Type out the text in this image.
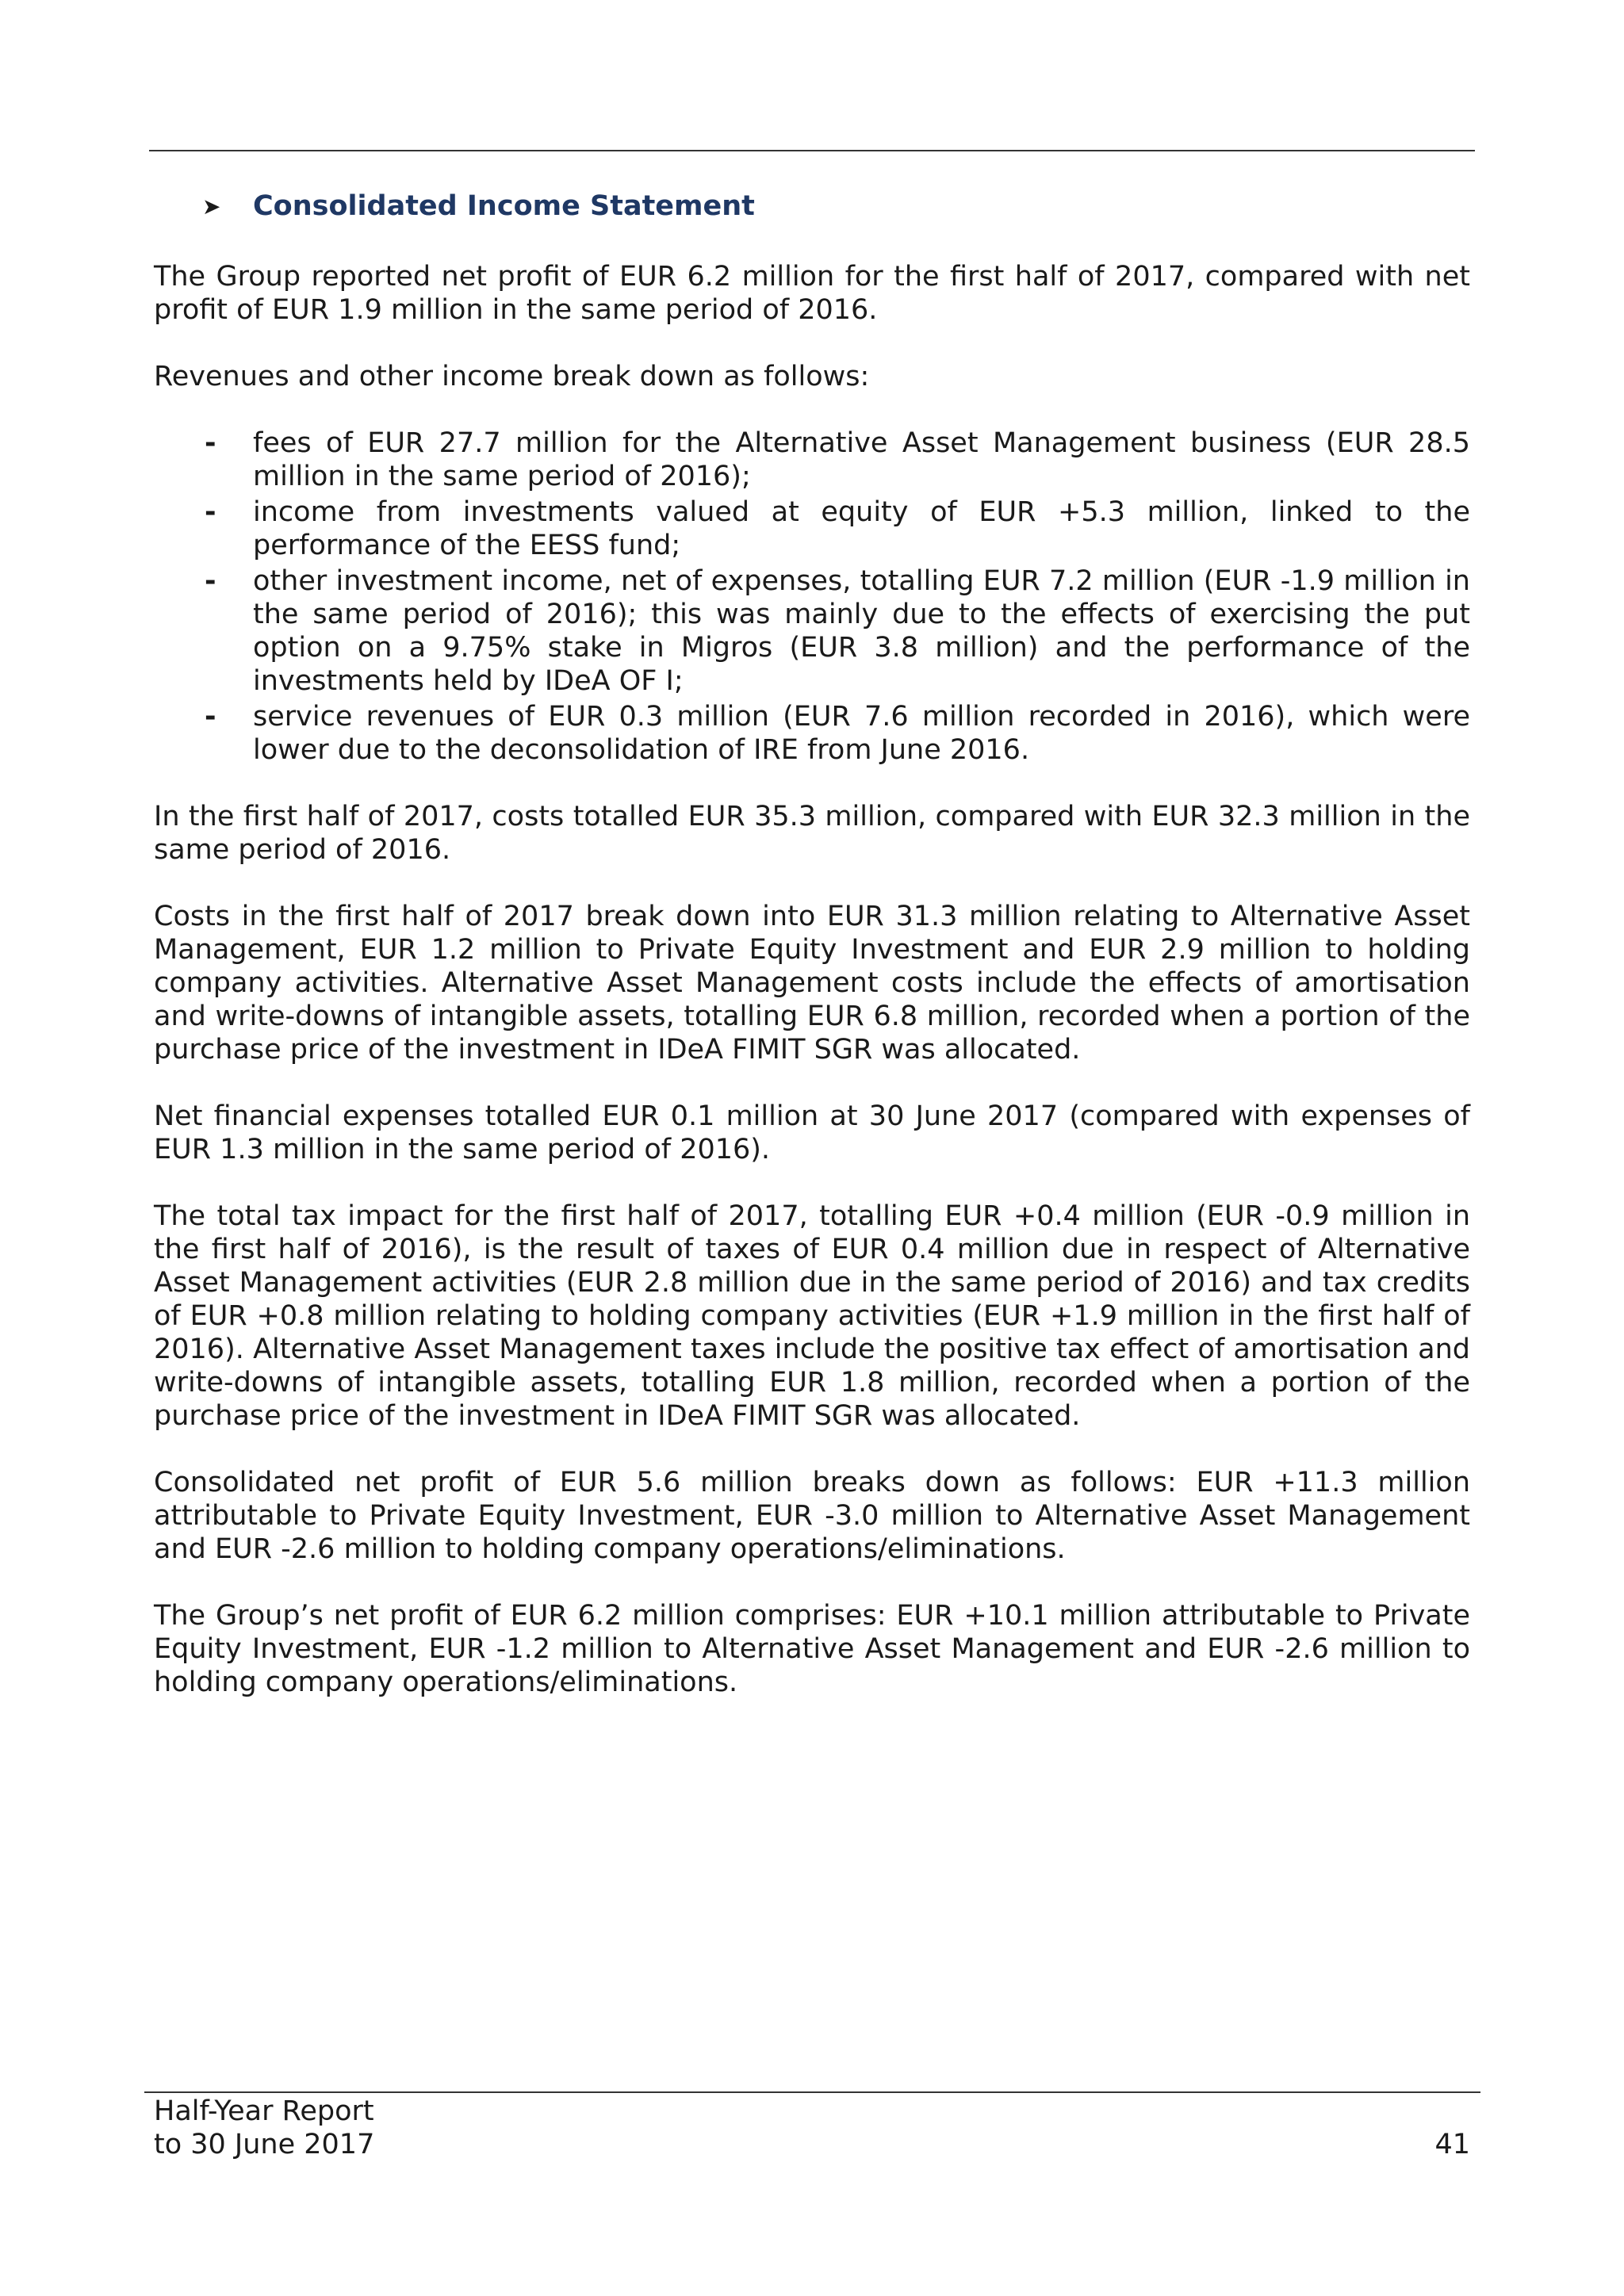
➤	Consolidated Income Statement

The Group reported net profit of EUR 6.2 million for the first half of 2017, compared with net profit of EUR 1.9 million in the same period of 2016.

Revenues and other income break down as follows:

- fees of EUR 27.7 million for the Alternative Asset Management business (EUR 28.5 million in the same period of 2016);
- income from investments valued at equity of EUR +5.3 million, linked to the performance of the EESS fund;
- other investment income, net of expenses, totalling EUR 7.2 million (EUR -1.9 million in the same period of 2016); this was mainly due to the effects of exercising the put option on a 9.75% stake in Migros (EUR 3.8 million) and the performance of the investments held by IDeA OF I;
- service revenues of EUR 0.3 million (EUR 7.6 million recorded in 2016), which were lower due to the deconsolidation of IRE from June 2016.

In the first half of 2017, costs totalled EUR 35.3 million, compared with EUR 32.3 million in the same period of 2016.

Costs in the first half of 2017 break down into EUR 31.3 million relating to Alternative Asset Management, EUR 1.2 million to Private Equity Investment and EUR 2.9 million to holding company activities. Alternative Asset Management costs include the effects of amortisation and write-downs of intangible assets, totalling EUR 6.8 million, recorded when a portion of the purchase price of the investment in IDeA FIMIT SGR was allocated.

Net financial expenses totalled EUR 0.1 million at 30 June 2017 (compared with expenses of EUR 1.3 million in the same period of 2016).

The total tax impact for the first half of 2017, totalling EUR +0.4 million (EUR -0.9 million in the first half of 2016), is the result of taxes of EUR 0.4 million due in respect of Alternative Asset Management activities (EUR 2.8 million due in the same period of 2016) and tax credits of EUR +0.8 million relating to holding company activities (EUR +1.9 million in the first half of 2016). Alternative Asset Management taxes include the positive tax effect of amortisation and write-downs of intangible assets, totalling EUR 1.8 million, recorded when a portion of the purchase price of the investment in IDeA FIMIT SGR was allocated.

Consolidated net profit of EUR 5.6 million breaks down as follows: EUR +11.3 million attributable to Private Equity Investment, EUR -3.0 million to Alternative Asset Management and EUR -2.6 million to holding company operations/eliminations.

The Group’s net profit of EUR 6.2 million comprises: EUR +10.1 million attributable to Private Equity Investment, EUR -1.2 million to Alternative Asset Management and EUR -2.6 million to holding company operations/eliminations.

Half-Year Report
to 30 June 2017	41
